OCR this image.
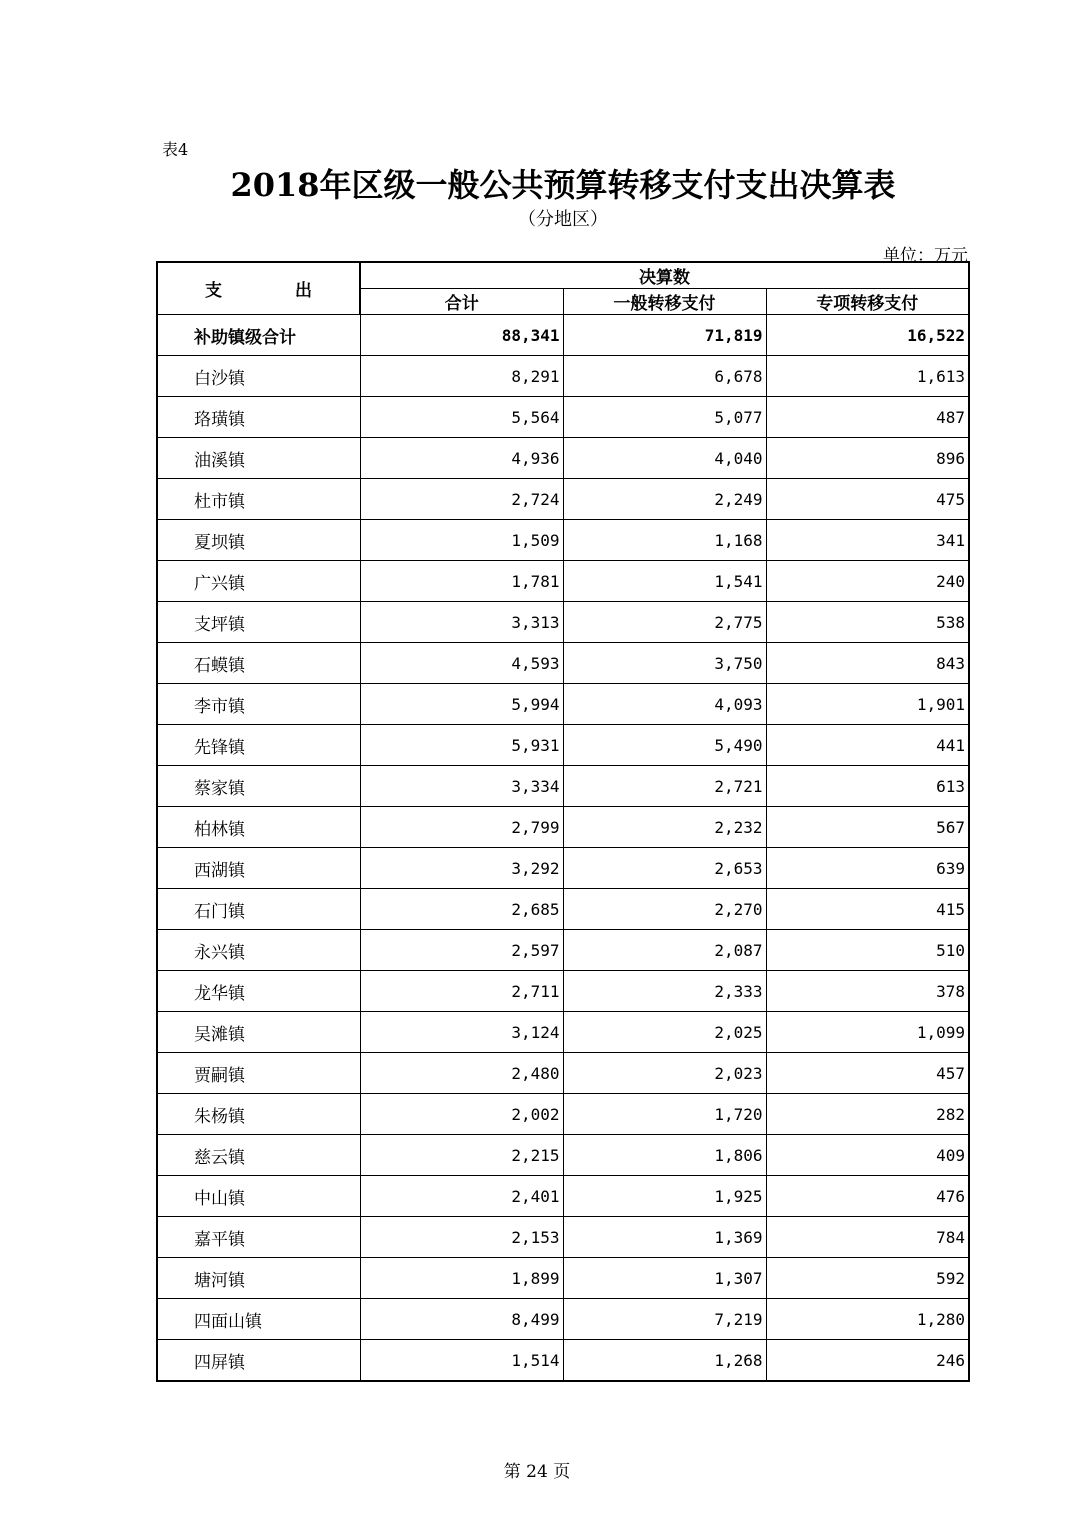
表4
2018年区级一般公共预算转移支付支出决算表
（分地区）
单位：万元
支　出	决算数		
	合计	一般转移支付	专项转移支付
补助镇级合计	88,341	71,819	16,522
白沙镇	8,291	6,678	1,613
珞璜镇	5,564	5,077	487
油溪镇	4,936	4,040	896
杜市镇	2,724	2,249	475
夏坝镇	1,509	1,168	341
广兴镇	1,781	1,541	240
支坪镇	3,313	2,775	538
石蟆镇	4,593	3,750	843
李市镇	5,994	4,093	1,901
先锋镇	5,931	5,490	441
蔡家镇	3,334	2,721	613
柏林镇	2,799	2,232	567
西湖镇	3,292	2,653	639
石门镇	2,685	2,270	415
永兴镇	2,597	2,087	510
龙华镇	2,711	2,333	378
吴滩镇	3,124	2,025	1,099
贾嗣镇	2,480	2,023	457
朱杨镇	2,002	1,720	282
慈云镇	2,215	1,806	409
中山镇	2,401	1,925	476
嘉平镇	2,153	1,369	784
塘河镇	1,899	1,307	592
四面山镇	8,499	7,219	1,280
四屏镇	1,514	1,268	246
第 24 页
